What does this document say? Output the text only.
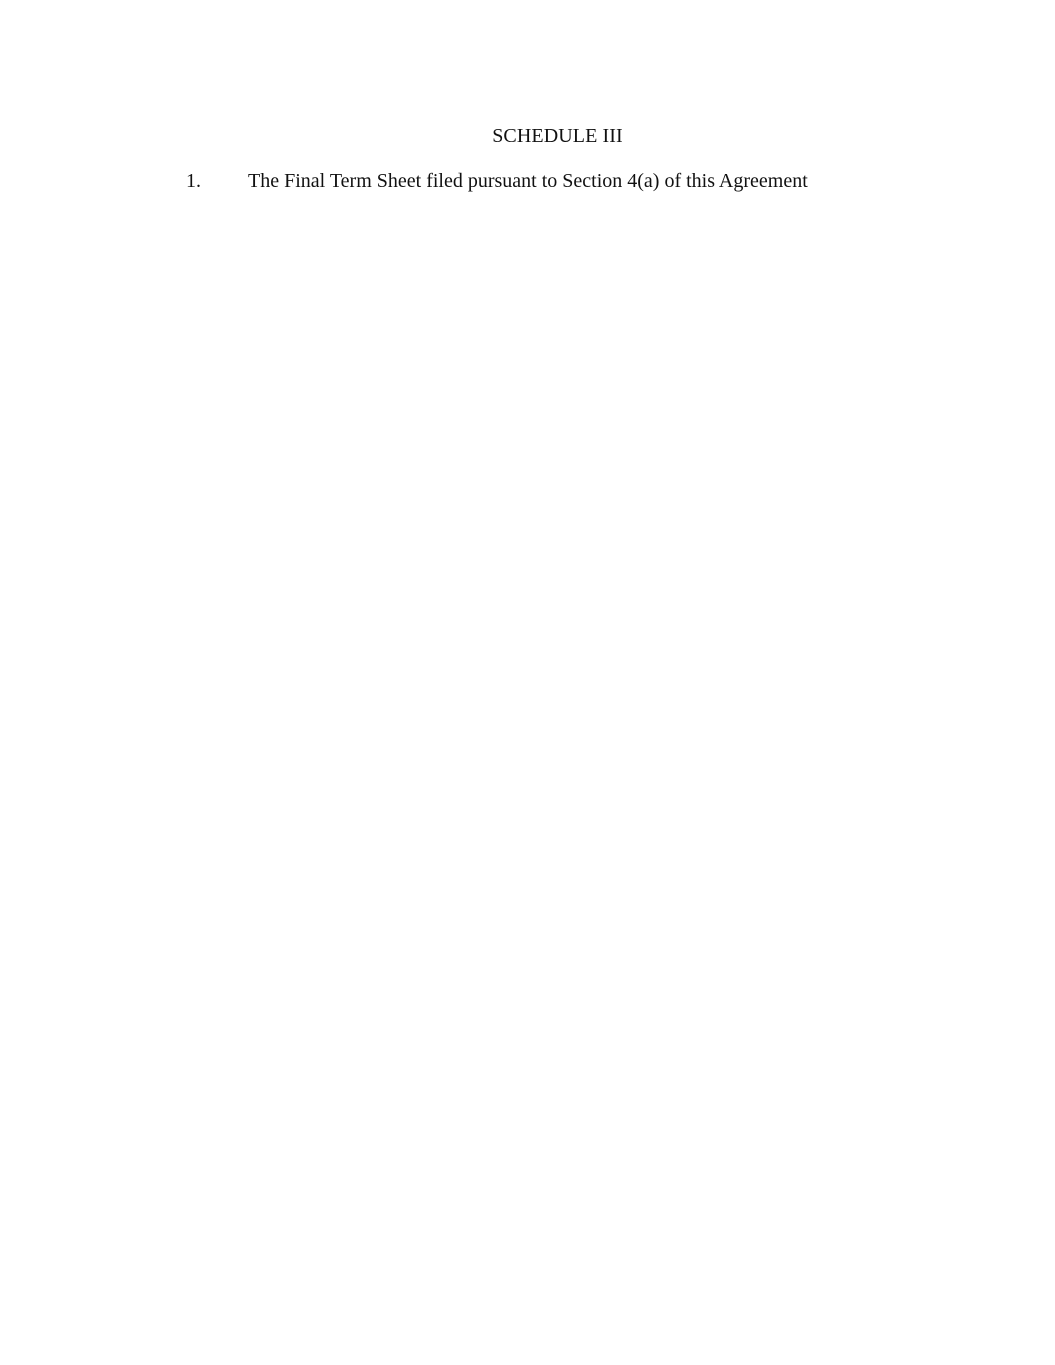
SCHEDULE III
1. The Final Term Sheet filed pursuant to Section 4(a) of this Agreement
